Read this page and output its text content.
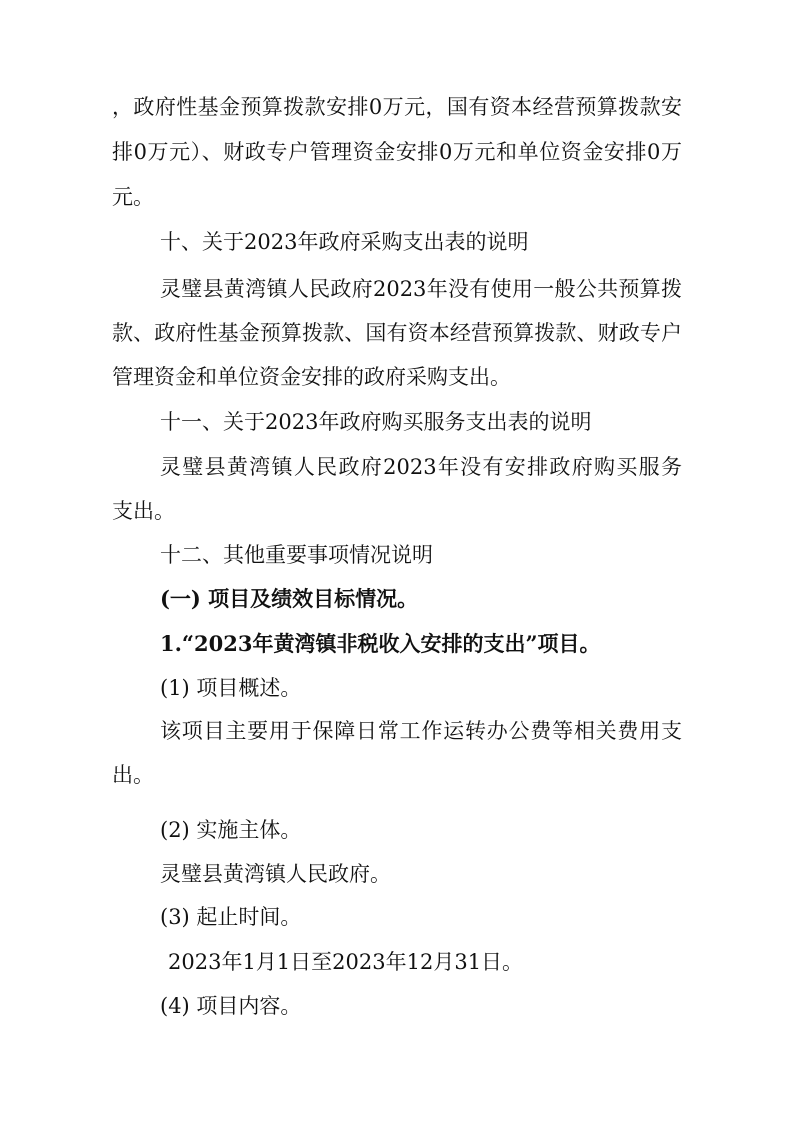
，政府性基金预算拨款安排0万元，国有资本经营预算拨款安
排0万元）、财政专户管理资金安排0万元和单位资金安排0万
元。
十、关于2023年政府采购支出表的说明
灵璧县黄湾镇人民政府2023年没有使用一般公共预算拨
款、政府性基金预算拨款、国有资本经营预算拨款、财政专户
管理资金和单位资金安排的政府采购支出。
十一、关于2023年政府购买服务支出表的说明
灵璧县黄湾镇人民政府2023年没有安排政府购买服务
支出。
十二、其他重要事项情况说明
(一) 项目及绩效目标情况。
1.“2023年黄湾镇非税收入安排的支出”项目。
(1) 项目概述。
该项目主要用于保障日常工作运转办公费等相关费用支
出。
(2) 实施主体。
灵璧县黄湾镇人民政府。
(3) 起止时间。
2023年1月1日至2023年12月31日。
(4) 项目内容。
